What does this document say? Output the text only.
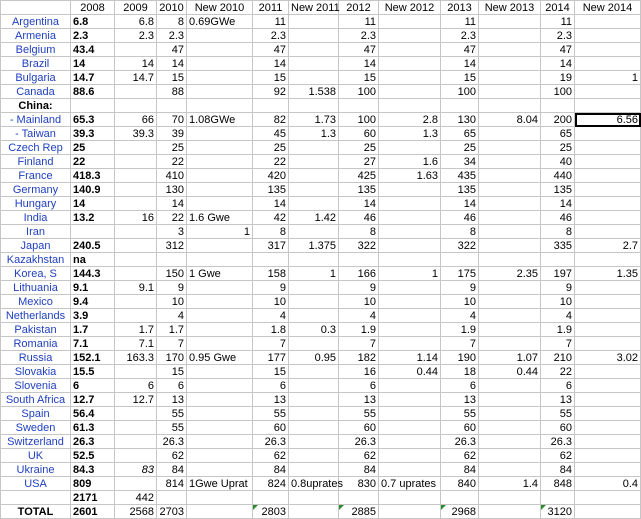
	2008	2009	2010	New 2010	2011	New 2011	2012	New 2012	2013	New 2013	2014	New 2014
Argentina	6.8	6.8	8	0.69GWe	11		11		11		11	
Armenia	2.3	2.3	2.3		2.3		2.3		2.3		2.3	
Belgium	43.4		47		47		47		47		47	
Brazil	14	14	14		14		14		14		14	
Bulgaria	14.7	14.7	15		15		15		15		19	1
Canada	88.6		88		92	1.538	100		100		100	
China:												
- Mainland	65.3	66	70	1.08GWe	82	1.73	100	2.8	130	8.04	200	6.56
- Taiwan	39.3	39.3	39		45	1.3	60	1.3	65		65	
Czech Rep	25		25		25		25		25		25	
Finland	22		22		22		27	1.6	34		40	
France	418.3		410		420		425	1.63	435		440	
Germany	140.9		130		135		135		135		135	
Hungary	14		14		14		14		14		14	
India	13.2	16	22	1.6 Gwe	42	1.42	46		46		46	
Iran			3	1	8		8		8		8	
Japan	240.5		312		317	1.375	322		322		335	2.7
Kazakhstan	na											
Korea, S	144.3		150	1 Gwe	158	1	166	1	175	2.35	197	1.35
Lithuania	9.1	9.1	9		9		9		9		9	
Mexico	9.4		10		10		10		10		10	
Netherlands	3.9		4		4		4		4		4	
Pakistan	1.7	1.7	1.7		1.8	0.3	1.9		1.9		1.9	
Romania	7.1	7.1	7		7		7		7		7	
Russia	152.1	163.3	170	0.95 Gwe	177	0.95	182	1.14	190	1.07	210	3.02
Slovakia	15.5		15		15		16	0.44	18	0.44	22	
Slovenia	6	6	6		6		6		6		6	
South Africa	12.7	12.7	13		13		13		13		13	
Spain	56.4		55		55		55		55		55	
Sweden	61.3		55		60		60		60		60	
Switzerland	26.3		26.3		26.3		26.3		26.3		26.3	
UK	52.5		62		62		62		62		62	
Ukraine	84.3	83	84		84		84		84		84	
USA	809		814	1Gwe Uprat	824	0.8uprates	830	0.7 uprates	840	1.4	848	0.4
	2171	442										
TOTAL	2601	2568	2703		2803		2885		2968		3120	
